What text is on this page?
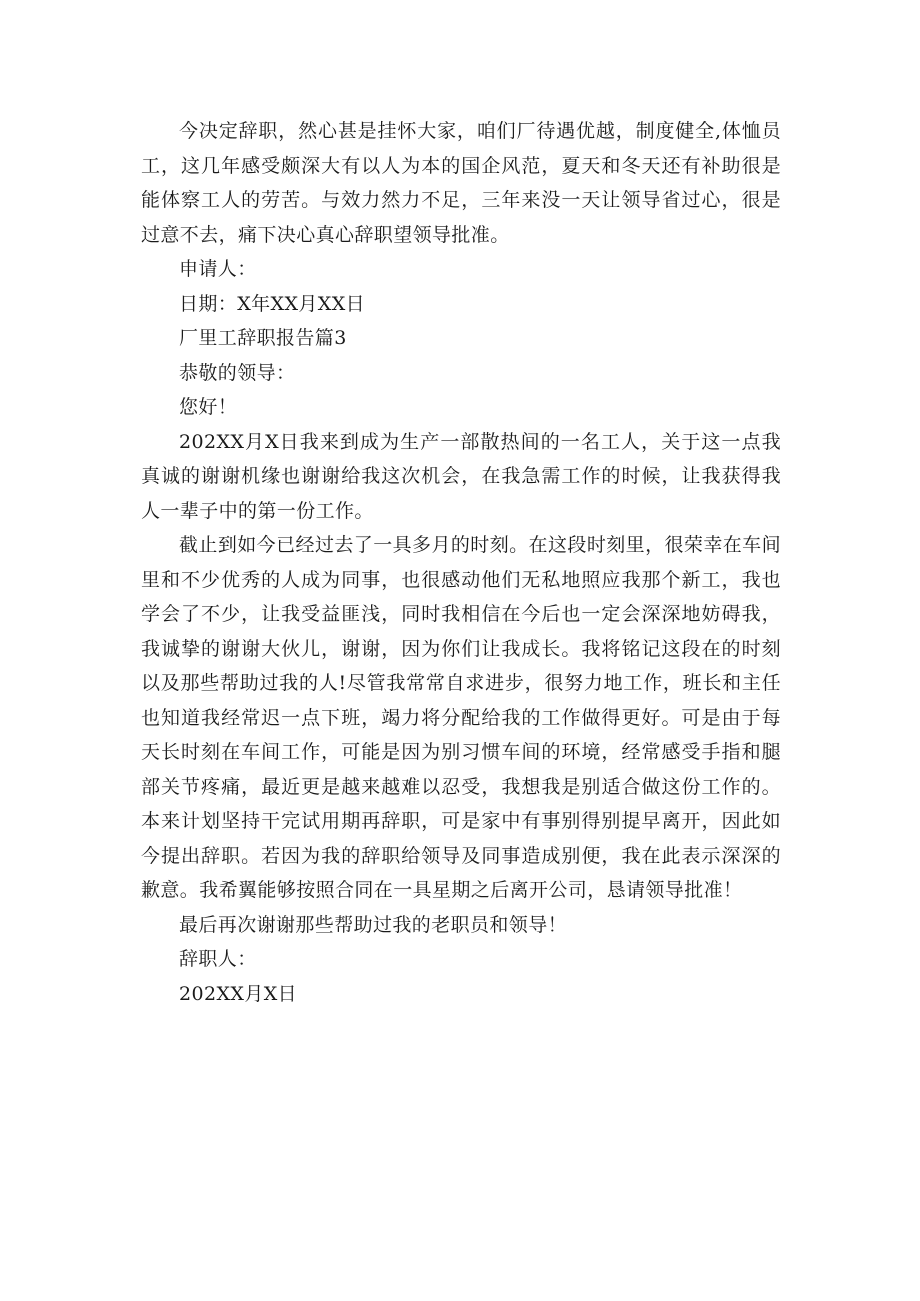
今决定辞职，然心甚是挂怀大家，咱们厂待遇优越，制度健全,体恤员工，这几年感受颇深大有以人为本的国企风范，夏天和冬天还有补助很是能体察工人的劳苦。与效力然力不足，三年来没一天让领导省过心，很是过意不去，痛下决心真心辞职望领导批准。

申请人：

日期：X年XX月XX日

厂里工辞职报告篇3

恭敬的领导：

您好！

202XX月X日我来到成为生产一部散热间的一名工人，关于这一点我真诚的谢谢机缘也谢谢给我这次机会，在我急需工作的时候，让我获得我人一辈子中的第一份工作。

截止到如今已经过去了一具多月的时刻。在这段时刻里，很荣幸在车间里和不少优秀的人成为同事，也很感动他们无私地照应我那个新工，我也学会了不少，让我受益匪浅，同时我相信在今后也一定会深深地妨碍我，我诚挚的谢谢大伙儿，谢谢，因为你们让我成长。我将铭记这段在的时刻以及那些帮助过我的人!尽管我常常自求进步，很努力地工作，班长和主任也知道我经常迟一点下班，竭力将分配给我的工作做得更好。可是由于每天长时刻在车间工作，可能是因为别习惯车间的环境，经常感受手指和腿部关节疼痛，最近更是越来越难以忍受，我想我是别适合做这份工作的。本来计划坚持干完试用期再辞职，可是家中有事别得别提早离开，因此如今提出辞职。若因为我的辞职给领导及同事造成别便，我在此表示深深的歉意。我希翼能够按照合同在一具星期之后离开公司，恳请领导批准！

最后再次谢谢那些帮助过我的老职员和领导！

辞职人：

202XX月X日
